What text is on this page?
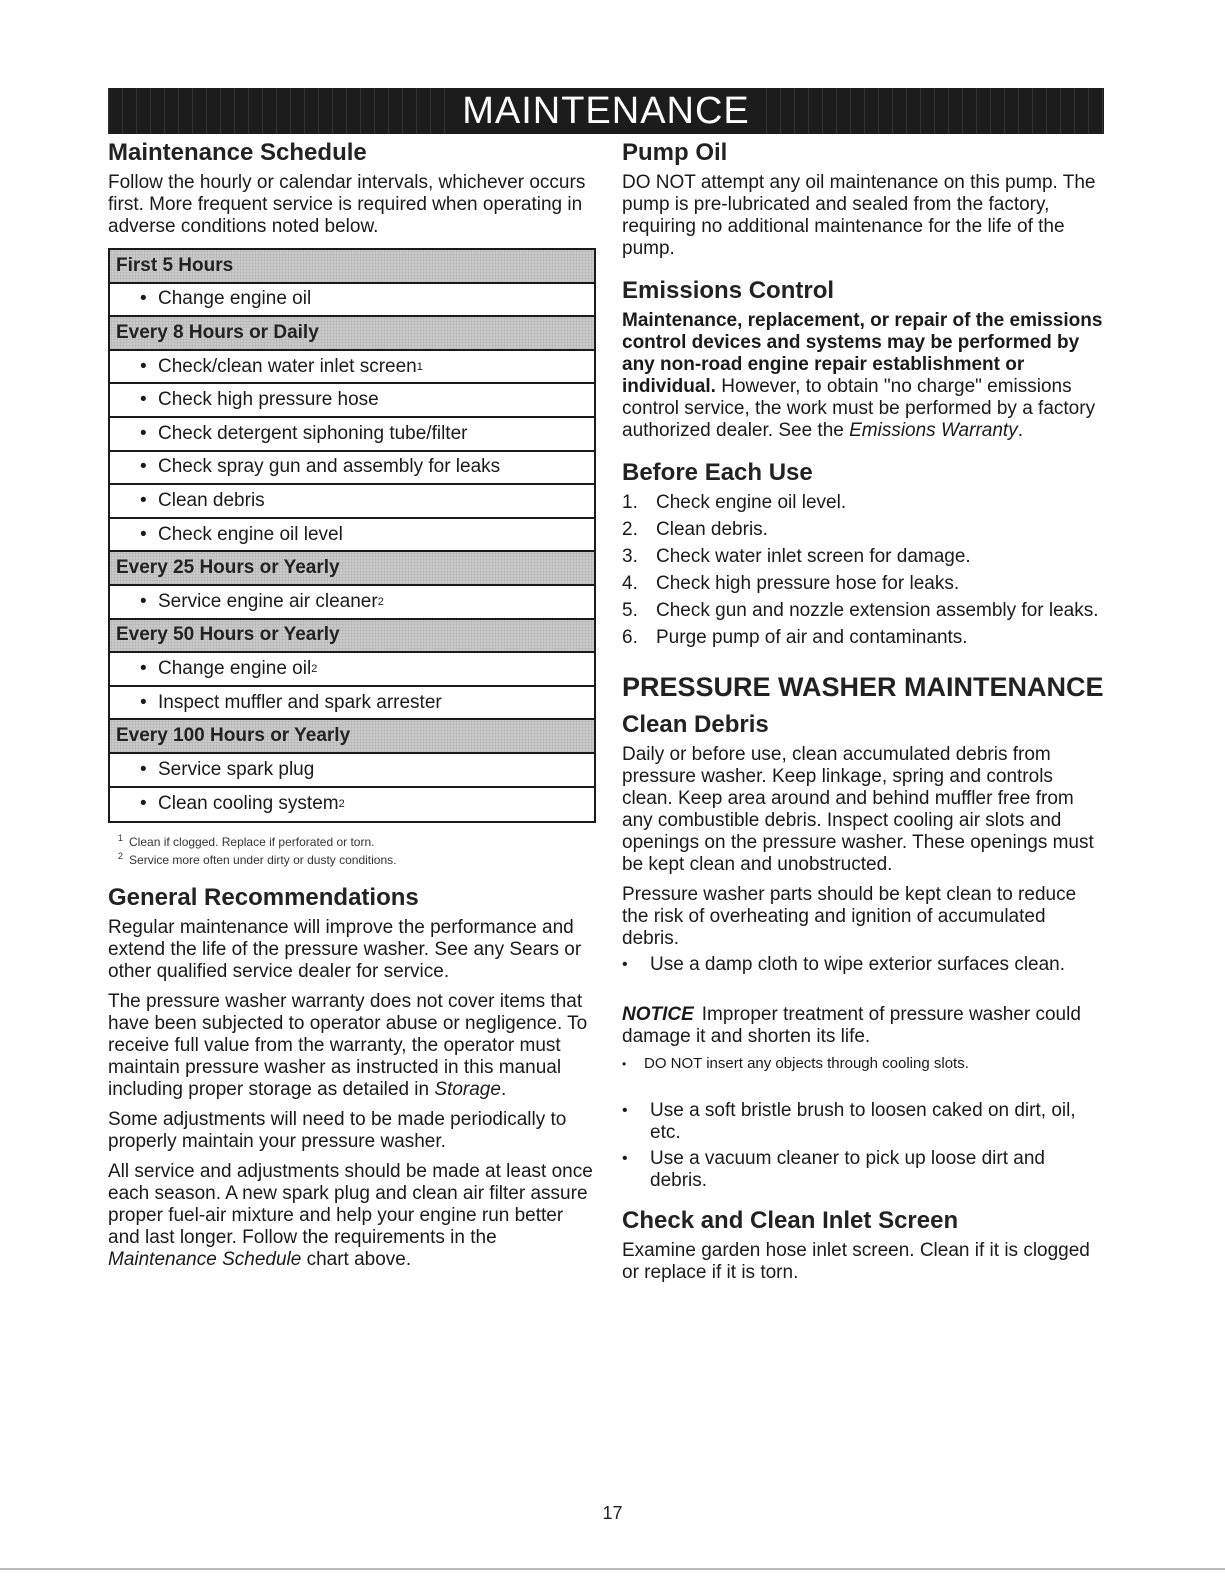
MAINTENANCE
Maintenance Schedule

Follow the hourly or calendar intervals, whichever occurs first. More frequent service is required when operating in adverse conditions noted below.

First 5 Hours
• Change engine oil
Every 8 Hours or Daily
• Check/clean water inlet screen 1
• Check high pressure hose
• Check detergent siphoning tube/filter
• Check spray gun and assembly for leaks
• Clean debris
• Check engine oil level
Every 25 Hours or Yearly
• Service engine air cleaner 2
Every 50 Hours or Yearly
• Change engine oil 2
• Inspect muffler and spark arrester
Every 100 Hours or Yearly
• Service spark plug
• Clean cooling system 2
$^1$ Clean if clogged. Replace if perforated or torn.
$^2$ Service more often under dirty or dusty conditions.
General Recommendations

Regular maintenance will improve the performance and extend the life of the pressure washer. See any Sears or other qualified service dealer for service.

The pressure washer warranty does not cover items that have been subjected to operator abuse or negligence. To receive full value from the warranty, the operator must maintain pressure washer as instructed in this manual including proper storage as detailed in Storage.

Some adjustments will need to be made periodically to properly maintain your pressure washer.

All service and adjustments should be made at least once each season. A new spark plug and clean air filter assure proper fuel-air mixture and help your engine run better and last longer. Follow the requirements in the Maintenance Schedule chart above.

Pump Oil

DO NOT attempt any oil maintenance on this pump. The pump is pre-lubricated and sealed from the factory, requiring no additional maintenance for the life of the pump.

Emissions Control

Maintenance, replacement, or repair of the emissions control devices and systems may be performed by any non-road engine repair establishment or individual. However, to obtain "no charge" emissions control service, the work must be performed by a factory authorized dealer. See the Emissions Warranty.

Before Each Use
1. Check engine oil level.
2. Clean debris.
3. Check water inlet screen for damage.
4. Check high pressure hose for leaks.
5. Check gun and nozzle extension assembly for leaks.
6. Purge pump of air and contaminants.
PRESSURE WASHER MAINTENANCE
Clean Debris

Daily or before use, clean accumulated debris from pressure washer. Keep linkage, spring and controls clean. Keep area around and behind muffler free from any combustible debris. Inspect cooling air slots and openings on the pressure washer. These openings must be kept clean and unobstructed.

Pressure washer parts should be kept clean to reduce the risk of overheating and ignition of accumulated debris.

•	Use a damp cloth to wipe exterior surfaces clean.

NOTICE Improper treatment of pressure washer could damage it and shorten its life.

•	DO NOT insert any objects through cooling slots.
•	Use a soft bristle brush to loosen caked on dirt, oil, etc.
•	Use a vacuum cleaner to pick up loose dirt and debris.
Check and Clean Inlet Screen

Examine garden hose inlet screen. Clean if it is clogged or replace if it is torn.

17
